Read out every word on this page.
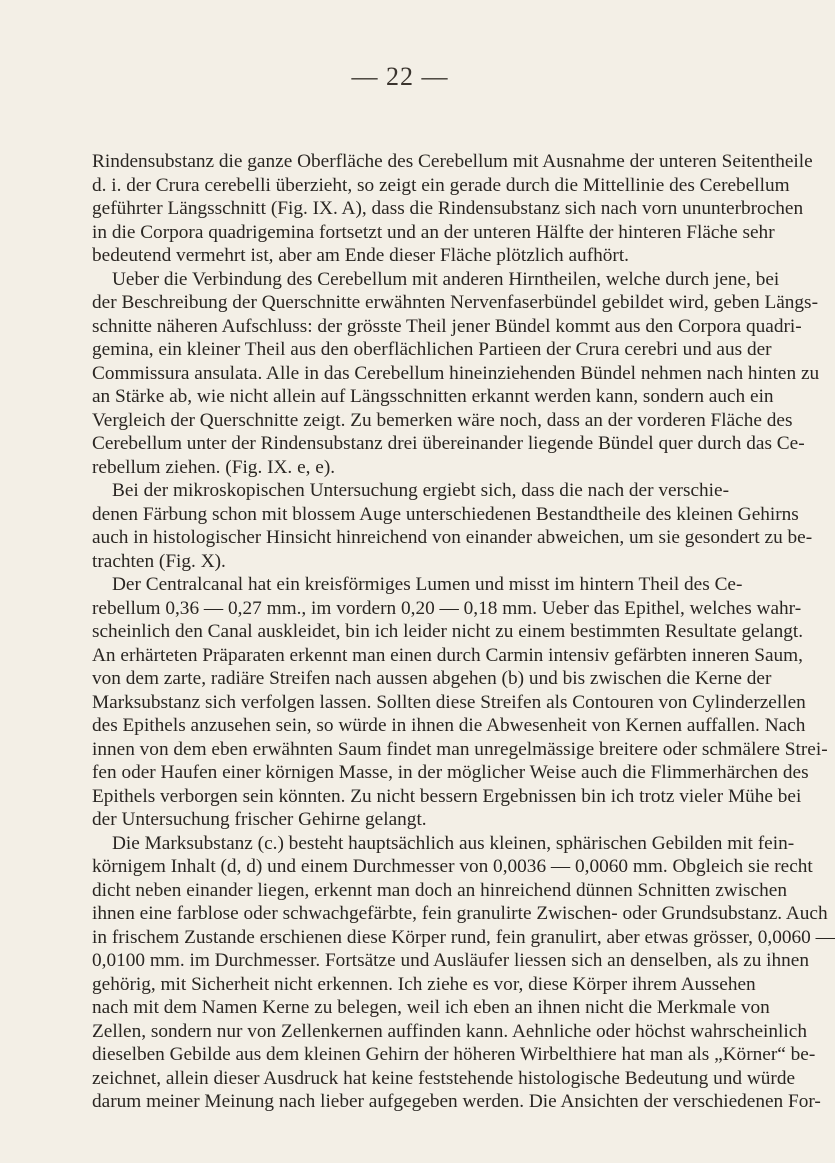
— 22 —
Rindensubstanz die ganze Oberfläche des Cerebellum mit Ausnahme der unteren Seitentheile
d. i. der Crura cerebelli überzieht, so zeigt ein gerade durch die Mittellinie des Cerebellum
geführter Längsschnitt (Fig. IX. A), dass die Rindensubstanz sich nach vorn ununterbrochen
in die Corpora quadrigemina fortsetzt und an der unteren Hälfte der hinteren Fläche sehr
bedeutend vermehrt ist, aber am Ende dieser Fläche plötzlich aufhört.
Ueber die Verbindung des Cerebellum mit anderen Hirntheilen, welche durch jene, bei
der Beschreibung der Querschnitte erwähnten Nervenfaserbündel gebildet wird, geben Längs-
schnitte näheren Aufschluss: der grösste Theil jener Bündel kommt aus den Corpora quadri-
gemina, ein kleiner Theil aus den oberflächlichen Partieen der Crura cerebri und aus der
Commissura ansulata. Alle in das Cerebellum hineinziehenden Bündel nehmen nach hinten zu
an Stärke ab, wie nicht allein auf Längsschnitten erkannt werden kann, sondern auch ein
Vergleich der Querschnitte zeigt. Zu bemerken wäre noch, dass an der vorderen Fläche des
Cerebellum unter der Rindensubstanz drei übereinander liegende Bündel quer durch das Ce-
rebellum ziehen. (Fig. IX. e, e).
Bei der mikroskopischen Untersuchung ergiebt sich, dass die nach der verschie-
denen Färbung schon mit blossem Auge unterschiedenen Bestandtheile des kleinen Gehirns
auch in histologischer Hinsicht hinreichend von einander abweichen, um sie gesondert zu be-
trachten (Fig. X).
Der Centralcanal hat ein kreisförmiges Lumen und misst im hintern Theil des Ce-
rebellum 0,36 — 0,27 mm., im vordern 0,20 — 0,18 mm. Ueber das Epithel, welches wahr-
scheinlich den Canal auskleidet, bin ich leider nicht zu einem bestimmten Resultate gelangt.
An erhärteten Präparaten erkennt man einen durch Carmin intensiv gefärbten inneren Saum,
von dem zarte, radiäre Streifen nach aussen abgehen (b) und bis zwischen die Kerne der
Marksubstanz sich verfolgen lassen. Sollten diese Streifen als Contouren von Cylinderzellen
des Epithels anzusehen sein, so würde in ihnen die Abwesenheit von Kernen auffallen. Nach
innen von dem eben erwähnten Saum findet man unregelmässige breitere oder schmälere Strei-
fen oder Haufen einer körnigen Masse, in der möglicher Weise auch die Flimmerhärchen des
Epithels verborgen sein könnten. Zu nicht bessern Ergebnissen bin ich trotz vieler Mühe bei
der Untersuchung frischer Gehirne gelangt.
Die Marksubstanz (c.) besteht hauptsächlich aus kleinen, sphärischen Gebilden mit fein-
körnigem Inhalt (d, d) und einem Durchmesser von 0,0036 — 0,0060 mm. Obgleich sie recht
dicht neben einander liegen, erkennt man doch an hinreichend dünnen Schnitten zwischen
ihnen eine farblose oder schwachgefärbte, fein granulirte Zwischen- oder Grundsubstanz. Auch
in frischem Zustande erschienen diese Körper rund, fein granulirt, aber etwas grösser, 0,0060 —
0,0100 mm. im Durchmesser. Fortsätze und Ausläufer liessen sich an denselben, als zu ihnen
gehörig, mit Sicherheit nicht erkennen. Ich ziehe es vor, diese Körper ihrem Aussehen
nach mit dem Namen Kerne zu belegen, weil ich eben an ihnen nicht die Merkmale von
Zellen, sondern nur von Zellenkernen auffinden kann. Aehnliche oder höchst wahrscheinlich
dieselben Gebilde aus dem kleinen Gehirn der höheren Wirbelthiere hat man als „Körner“ be-
zeichnet, allein dieser Ausdruck hat keine feststehende histologische Bedeutung und würde
darum meiner Meinung nach lieber aufgegeben werden. Die Ansichten der verschiedenen For-
